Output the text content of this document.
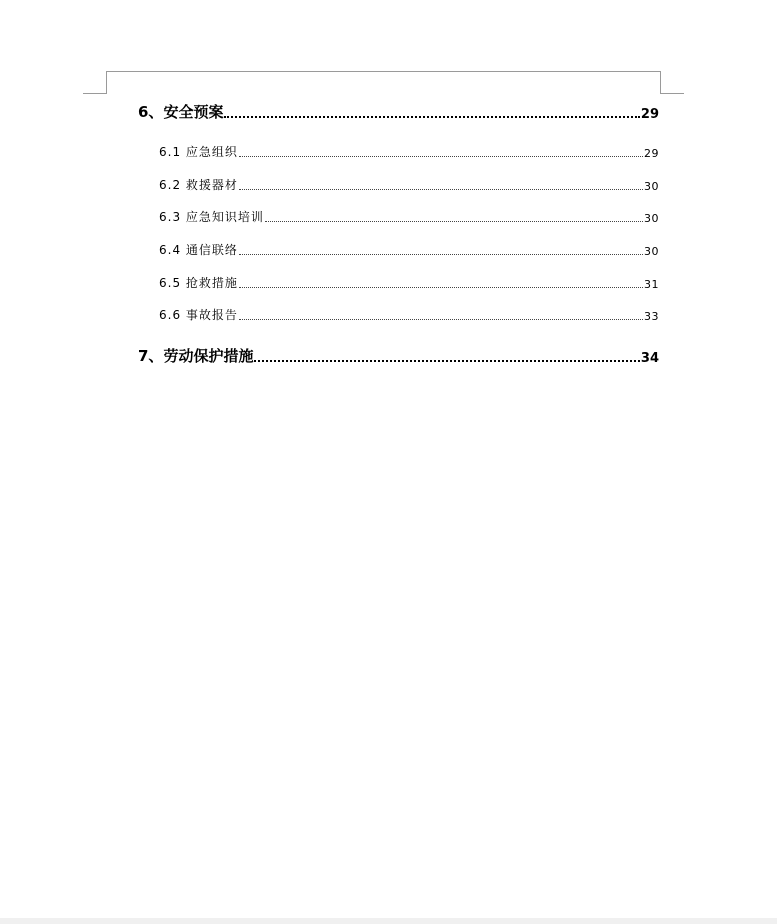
6、安全预案	29
6.1 应急组织	29
6.2 救援器材	30
6.3 应急知识培训	30
6.4 通信联络	30
6.5 抢救措施	31
6.6 事故报告	33
7、劳动保护措施	34
